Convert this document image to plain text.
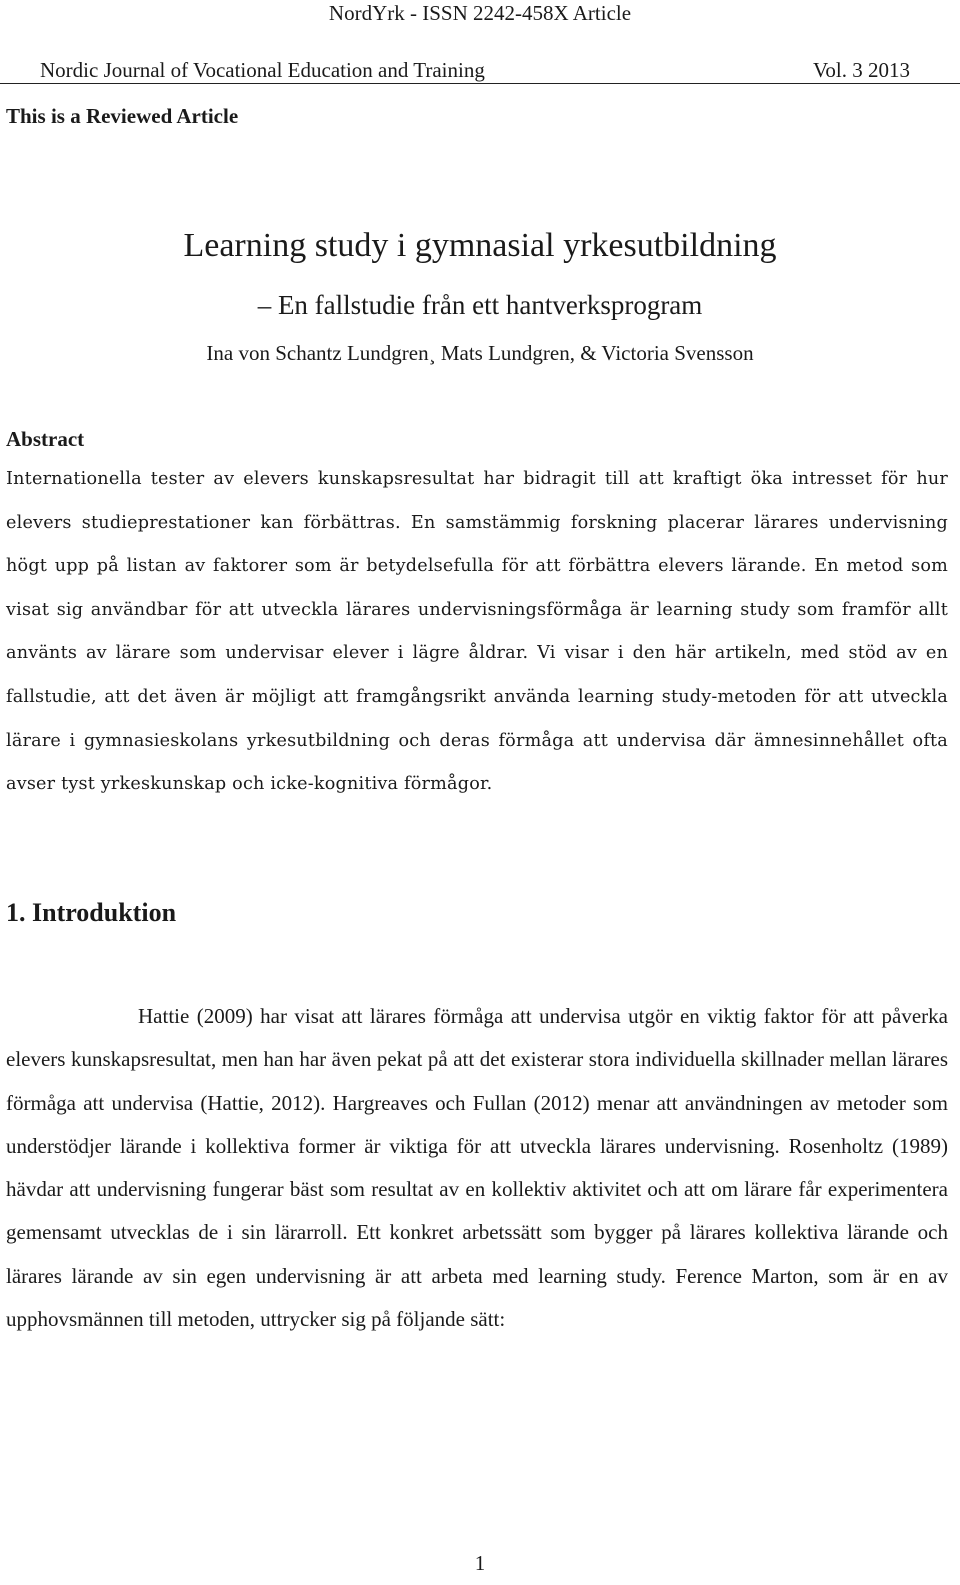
NordYrk - ISSN 2242-458X Article
Nordic Journal of Vocational Education and Training	Vol. 3 2013
This is a Reviewed Article
Learning study i gymnasial yrkesutbildning
– En fallstudie från ett hantverksprogram
Ina von Schantz Lundgren¸ Mats Lundgren, & Victoria Svensson
Abstract
Internationella tester av elevers kunskapsresultat har bidragit till att kraftigt öka intresset för hur elevers studieprestationer kan förbättras. En samstämmig forskning placerar lärares undervisning högt upp på listan av faktorer som är betydelsefulla för att förbättra elevers lärande. En metod som visat sig användbar för att utveckla lärares undervisningsförmåga är learning study som framför allt använts av lärare som undervisar elever i lägre åldrar. Vi visar i den här artikeln, med stöd av en fallstudie, att det även är möjligt att framgångsrikt använda learning study-metoden för att utveckla lärare i gymnasieskolans yrkesutbildning och deras förmåga att undervisa där ämnesinnehållet ofta avser tyst yrkeskunskap och icke-kognitiva förmågor.
1. Introduktion

Hattie (2009) har visat att lärares förmåga att undervisa utgör en viktig faktor för att påverka elevers kunskapsresultat, men han har även pekat på att det existerar stora individuella skillnader mellan lärares förmåga att undervisa (Hattie, 2012). Hargreaves och Fullan (2012) menar att användningen av metoder som understödjer lärande i kollektiva former är viktiga för att utveckla lärares undervisning. Rosenholtz (1989) hävdar att undervisning fungerar bäst som resultat av en kollektiv aktivitet och att om lärare får experimentera gemensamt utvecklas de i sin lärarroll. Ett konkret arbetssätt som bygger på lärares kollektiva lärande och lärares lärande av sin egen undervisning är att arbeta med learning study. Ference Marton, som är en av upphovsmännen till metoden, uttrycker sig på följande sätt:

1
